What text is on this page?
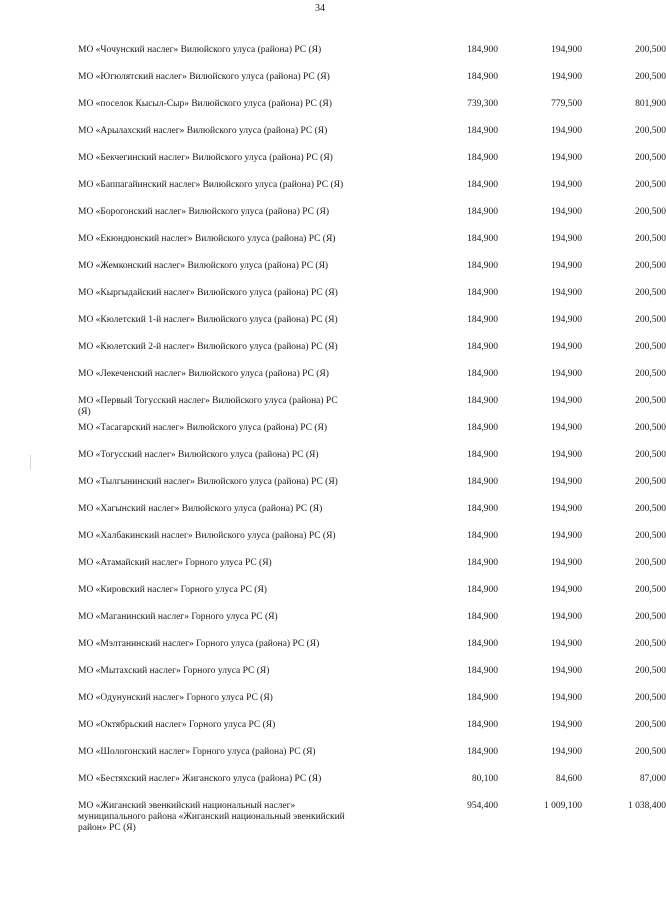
34
МО «Чочунский наслег» Вилюйского улуса (района) РС (Я)	184,900	194,900	200,500
МО «Югюлятский наслег» Вилюйского улуса (района) РС (Я)	184,900	194,900	200,500
МО «поселок Кысыл-Сыр» Вилюйского улуса (района) РС (Я)	739,300	779,500	801,900
МО «Арылахский наслег» Вилюйского улуса (района) РС (Я)	184,900	194,900	200,500
МО «Бекчегинский наслег» Вилюйского улуса (района) РС (Я)	184,900	194,900	200,500
МО «Баппагайинский наслег» Вилюйского улуса (района) РС (Я)	184,900	194,900	200,500
МО «Борогонский наслег» Вилюйского улуса (района) РС (Я)	184,900	194,900	200,500
МО «Екюндюнский наслег» Вилюйского улуса (района) РС (Я)	184,900	194,900	200,500
МО «Жемконский наслег» Вилюйского улуса (района) РС (Я)	184,900	194,900	200,500
МО «Кыргыдайский наслег» Вилюйского улуса (района) РС (Я)	184,900	194,900	200,500
МО «Кюлетский 1-й наслег» Вилюйского улуса (района) РС (Я)	184,900	194,900	200,500
МО «Кюлетский 2-й наслег» Вилюйского улуса (района) РС (Я)	184,900	194,900	200,500
МО «Лекеченский наслег» Вилюйского улуса (района) РС (Я)	184,900	194,900	200,500
МО «Первый Тогусский наслег» Вилюйского улуса (района) РС (Я)
184,900	194,900	200,500
МО «Тасагарский наслег» Вилюйского улуса (района) РС (Я)	184,900	194,900	200,500
МО «Тогусский наслег» Вилюйского улуса (района) РС (Я)	184,900	194,900	200,500
МО «Тылгынинский наслег» Вилюйского улуса (района) РС (Я)	184,900	194,900	200,500
МО «Хагынский наслег» Вилюйского улуса (района) РС (Я)	184,900	194,900	200,500
МО «Халбакинский наслег» Вилюйского улуса (района) РС (Я)	184,900	194,900	200,500
МО «Атамайский наслег» Горного улуса РС (Я)	184,900	194,900	200,500
МО «Кировский наслег» Горного улуса РС (Я)	184,900	194,900	200,500
МО «Маганинский наслег» Горного улуса РС (Я)	184,900	194,900	200,500
МО «Мэлтанинский наслег» Горного улуса (района) РС (Я)	184,900	194,900	200,500
МО «Мытахский наслег» Горного улуса РС (Я)	184,900	194,900	200,500
МО «Одунунский наслег» Горного улуса РС (Я)	184,900	194,900	200,500
МО «Октябрьский наслег» Горного улуса РС (Я)	184,900	194,900	200,500
МО «Шологонский наслег» Горного улуса (района) РС (Я)	184,900	194,900	200,500
МО «Бестяхский наслег» Жиганского улуса (района) РС (Я)	80,100	84,600	87,000
МО «Жиганский эвенкийский национальный наслег» муниципального района «Жиганский национальный эвенкийский район» РС (Я)
954,400	1 009,100	1 038,400
